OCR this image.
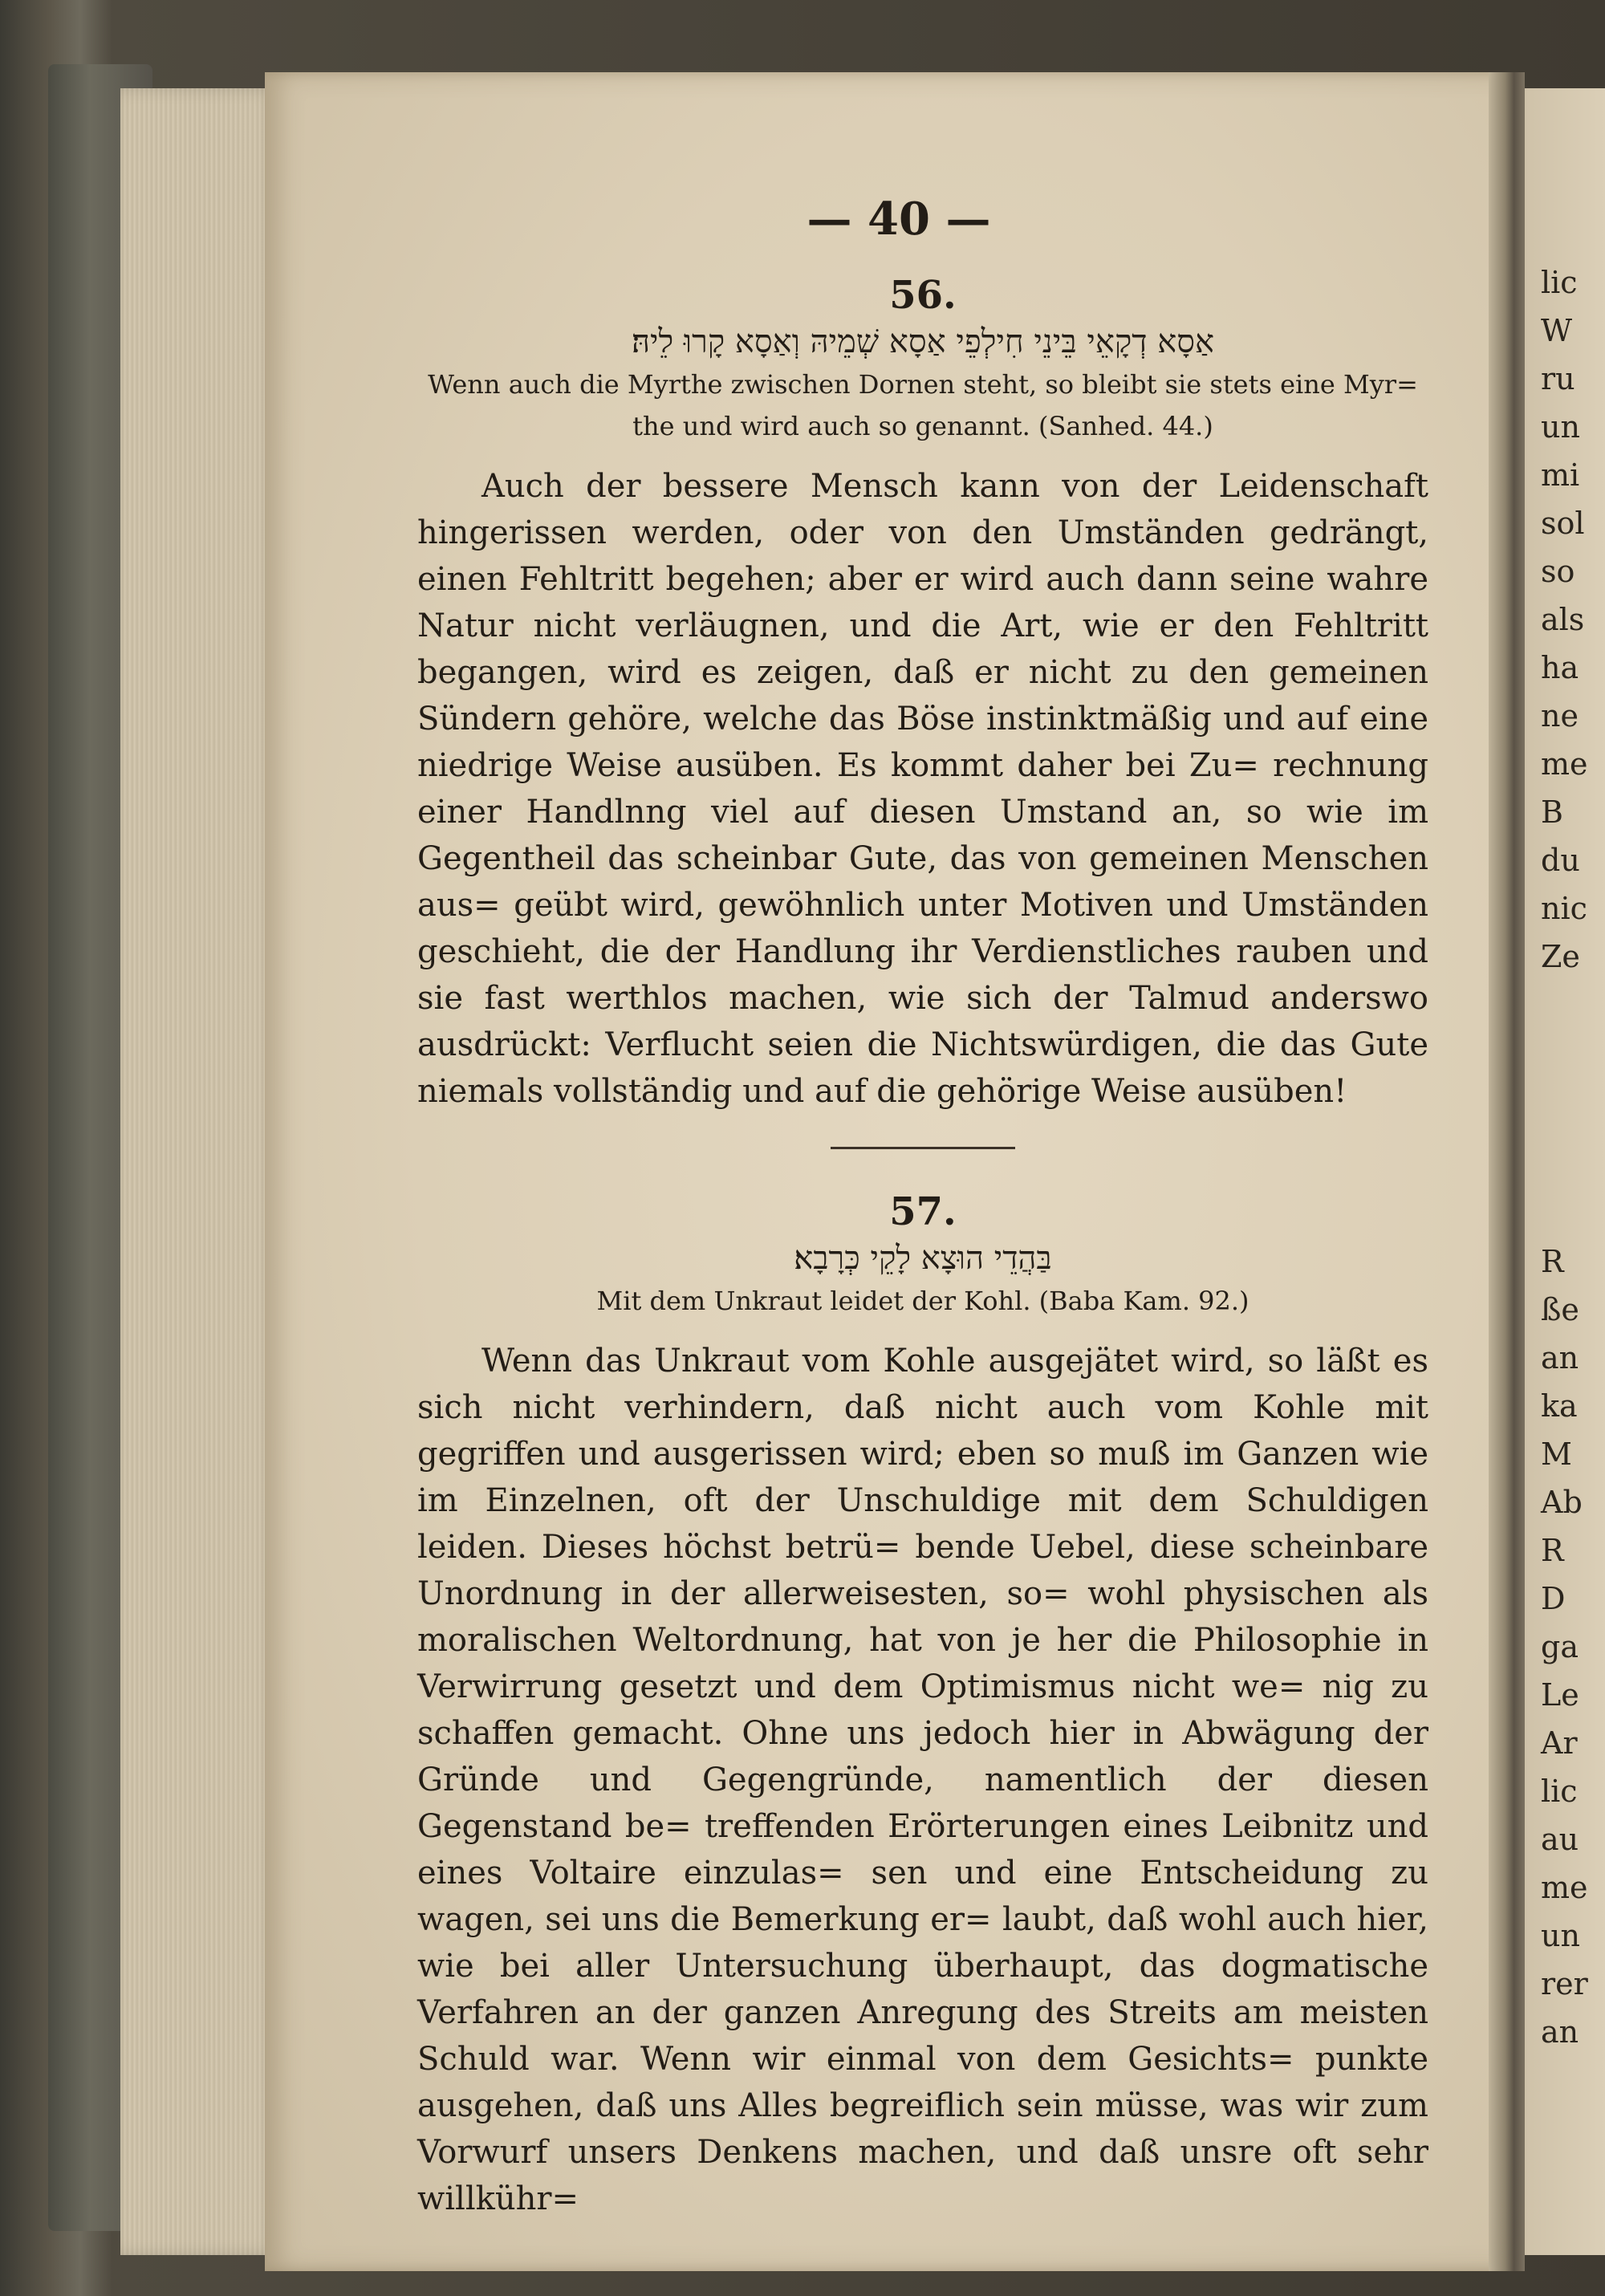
lic
W
ru
un
mi
sol
so
als
ha
ne
me
B
du
nic
Ze
R
ße
an
ka
M
Ab
R
D
ga
Le
Ar
lic
au
me
un
rer
an
— 40 —

56.

אַסָא דְקָאֵי בֵּינֵי חִילְפֵי אַסָא שְׁמֵיהּ וְאַסָא קָרוּ לֵיהּ׃

Wenn auch die Myrthe zwischen Dornen steht, so bleibt sie stets eine Myr= the und wird auch so genannt. (Sanhed. 44.)

Auch der bessere Mensch kann von der Leidenschaft hingerissen werden, oder von den Umständen gedrängt, einen Fehltritt begehen; aber er wird auch dann seine wahre Natur nicht verläugnen, und die Art, wie er den Fehltritt begangen, wird es zeigen, daß er nicht zu den gemeinen Sündern gehöre, welche das Böse instinktmäßig und auf eine niedrige Weise ausüben. Es kommt daher bei Zu= rechnung einer Handlnng viel auf diesen Umstand an, so wie im Gegentheil das scheinbar Gute, das von gemeinen Menschen aus= geübt wird, gewöhnlich unter Motiven und Umständen geschieht, die der Handlung ihr Verdienstliches rauben und sie fast werthlos machen, wie sich der Talmud anderswo ausdrückt: Verflucht seien die Nichtswürdigen, die das Gute niemals vollständig und auf die gehörige Weise ausüben!

57.

בַּהֲדֵי הוּצָא לָקֵי כְּרָבָא׃

Mit dem Unkraut leidet der Kohl. (Baba Kam. 92.)

Wenn das Unkraut vom Kohle ausgejätet wird, so läßt es sich nicht verhindern, daß nicht auch vom Kohle mit gegriffen und ausgerissen wird; eben so muß im Ganzen wie im Einzelnen, oft der Unschuldige mit dem Schuldigen leiden. Dieses höchst betrü= bende Uebel, diese scheinbare Unordnung in der allerweisesten, so= wohl physischen als moralischen Weltordnung, hat von je her die Philosophie in Verwirrung gesetzt und dem Optimismus nicht we= nig zu schaffen gemacht. Ohne uns jedoch hier in Abwägung der Gründe und Gegengründe, namentlich der diesen Gegenstand be= treffenden Erörterungen eines Leibnitz und eines Voltaire einzulas= sen und eine Entscheidung zu wagen, sei uns die Bemerkung er= laubt, daß wohl auch hier, wie bei aller Untersuchung überhaupt, das dogmatische Verfahren an der ganzen Anregung des Streits am meisten Schuld war. Wenn wir einmal von dem Gesichts= punkte ausgehen, daß uns Alles begreiflich sein müsse, was wir zum Vorwurf unsers Denkens machen, und daß unsre oft sehr willkühr=
